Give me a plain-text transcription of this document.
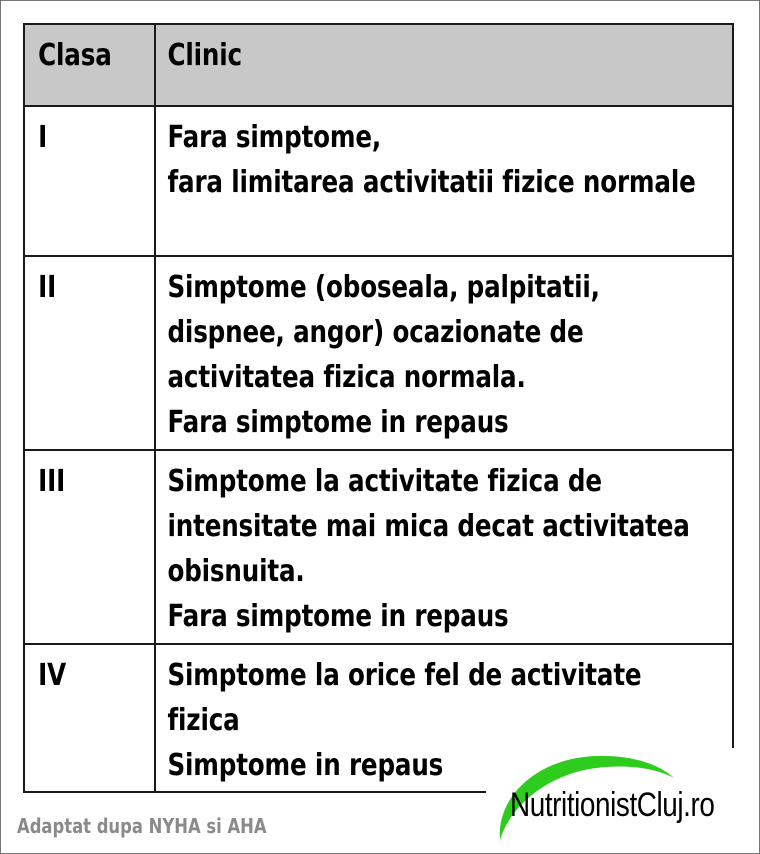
Clasa	Clinic

I	Fara simptome,
fara limitarea activitatii fizice normale

II	Simptome (oboseala, palpitatii, dispnee, angor) ocazionate de activitatea fizica normala.
Fara simptome in repaus

III	Simptome la activitate fizica de intensitate mai mica decat activitatea obisnuita.
Fara simptome in repaus

IV	Simptome la orice fel de activitate fizica
Simptome in repaus
Adaptat dupa NYHA si AHA
NutritionistCluj.ro
